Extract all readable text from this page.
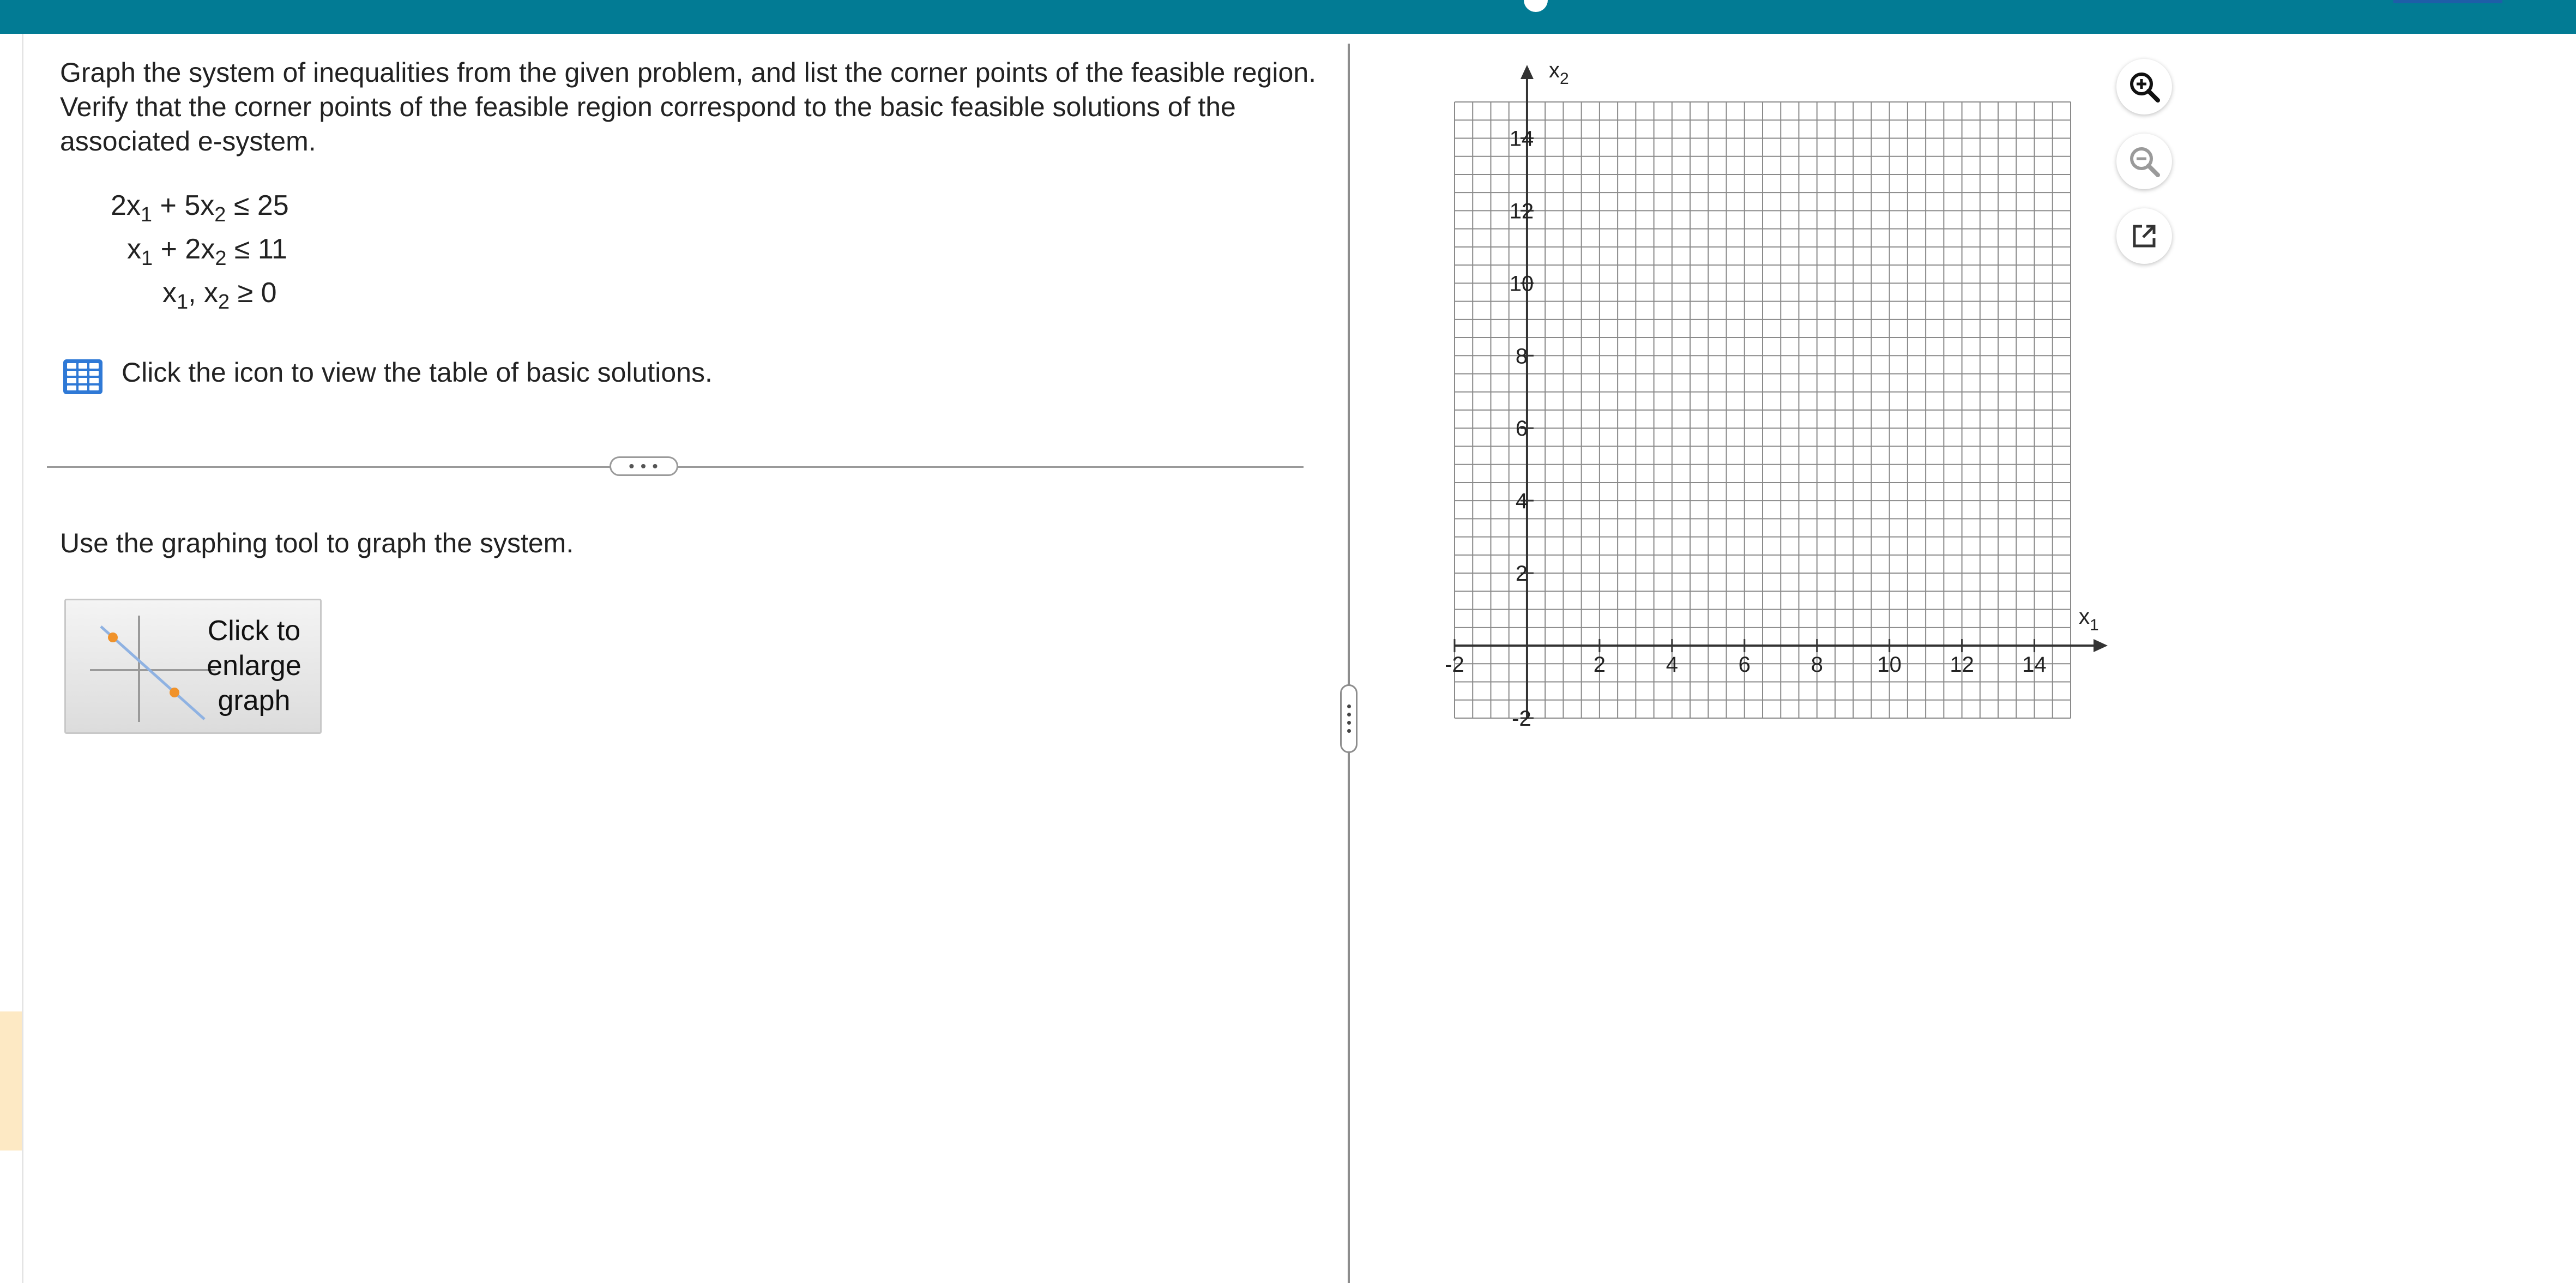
Graph the system of inequalities from the given problem, and list the corner points of the feasible region. Verify that the corner points of the feasible region correspond to the basic feasible solutions of the associated e-system.

$2x_1 + 5x_2 \le 25$
$x_1 + 2x_2 \le 11$
$x_1$, $x_2 \ge 0$
Click the icon to view the table of basic solutions.
• • •
Use the graphing tool to graph the system.
Click to
enlarge
graph
-2	2	4	6	8 10 12 14
-2
2
4
6
8
10
12
14
$x_1$
$x_2$
